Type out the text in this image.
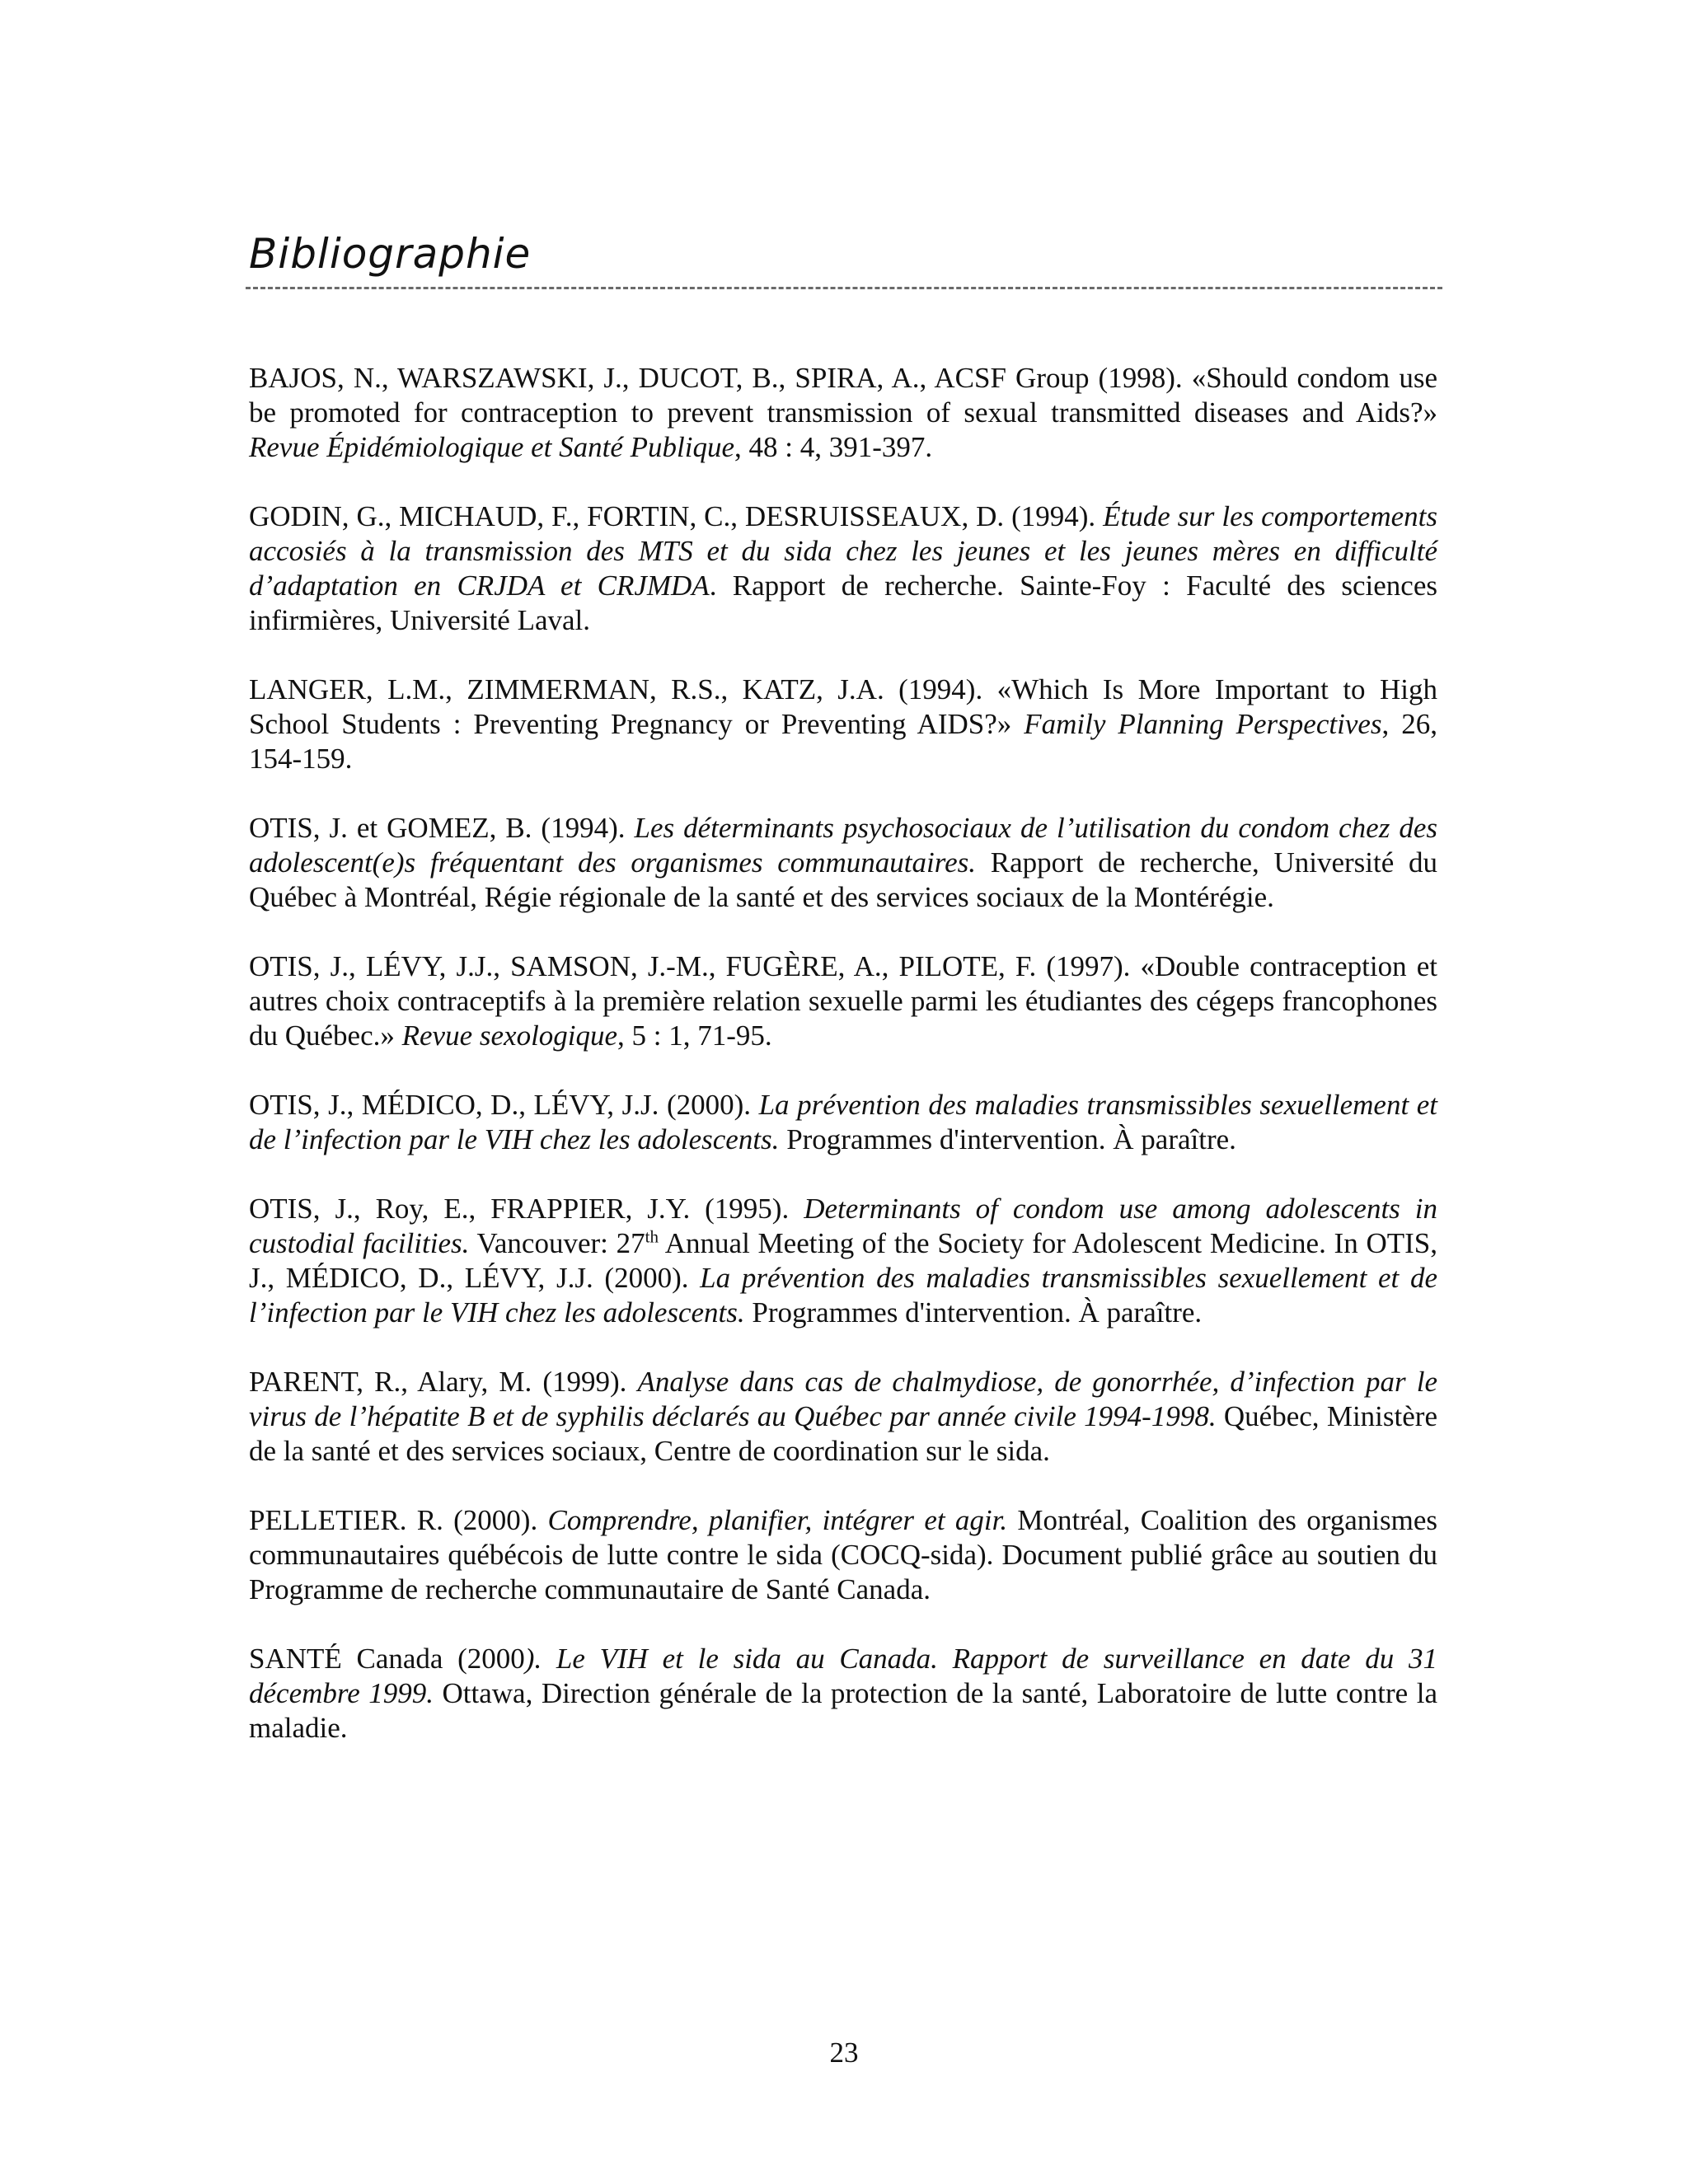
Bibliographie

BAJOS, N., WARSZAWSKI, J., DUCOT, B., SPIRA, A., ACSF Group (1998). «Should condom use be promoted for contraception to prevent transmission of sexual transmitted diseases and Aids?» Revue Épidémiologique et Santé Publique, 48 : 4, 391-397.

GODIN, G., MICHAUD, F., FORTIN, C., DESRUISSEAUX, D. (1994). Étude sur les comportements accosiés à la transmission des MTS et du sida chez les jeunes et les jeunes mères en difficulté d’adaptation en CRJDA et CRJMDA. Rapport de recherche. Sainte-Foy : Faculté des sciences infirmières, Université Laval.

LANGER, L.M., ZIMMERMAN, R.S., KATZ, J.A. (1994). «Which Is More Important to High School Students : Preventing Pregnancy or Preventing AIDS?» Family Planning Perspectives, 26, 154-159.

OTIS, J. et GOMEZ, B. (1994). Les déterminants psychosociaux de l’utilisation du condom chez des adolescent(e)s fréquentant des organismes communautaires. Rapport de recherche, Université du Québec à Montréal, Régie régionale de la santé et des services sociaux de la Montérégie.

OTIS, J., LÉVY, J.J., SAMSON, J.-M., FUGÈRE, A., PILOTE, F. (1997). «Double contraception et autres choix contraceptifs à la première relation sexuelle parmi les étudiantes des cégeps francophones du Québec.» Revue sexologique, 5 : 1, 71-95.

OTIS, J., MÉDICO, D., LÉVY, J.J. (2000). La prévention des maladies transmissibles sexuellement et de l’infection par le VIH chez les adolescents. Programmes d'intervention. À paraître.

OTIS, J., Roy, E., FRAPPIER, J.Y. (1995). Determinants of condom use among adolescents in custodial facilities. Vancouver: 27th Annual Meeting of the Society for Adolescent Medicine. In OTIS, J., MÉDICO, D., LÉVY, J.J. (2000). La prévention des maladies transmissibles sexuellement et de l’infection par le VIH chez les adolescents. Programmes d'intervention. À paraître.

PARENT, R., Alary, M. (1999). Analyse dans cas de chalmydiose, de gonorrhée, d’infection par le virus de l’hépatite B et de syphilis déclarés au Québec par année civile 1994-1998. Québec, Ministère de la santé et des services sociaux, Centre de coordination sur le sida.

PELLETIER. R. (2000). Comprendre, planifier, intégrer et agir. Montréal, Coalition des organismes communautaires québécois de lutte contre le sida (COCQ-sida). Document publié grâce au soutien du Programme de recherche communautaire de Santé Canada.

SANTÉ Canada (2000). Le VIH et le sida au Canada. Rapport de surveillance en date du 31 décembre 1999. Ottawa, Direction générale de la protection de la santé, Laboratoire de lutte contre la maladie.

23
